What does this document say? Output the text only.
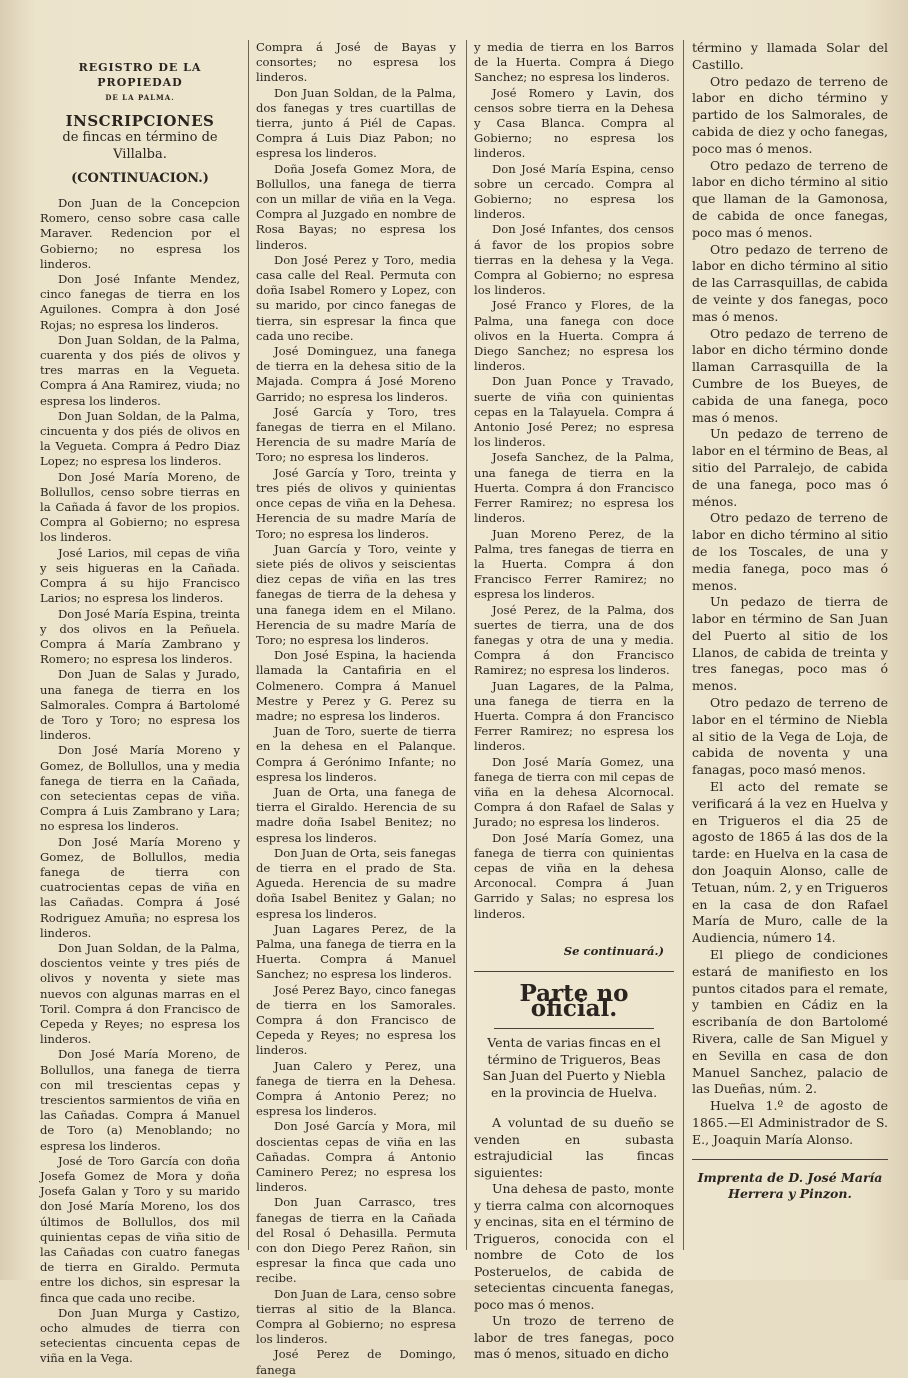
REGISTRO DE LA PROPIEDAD

DE LA PALMA.

INSCRIPCIONES

de fincas en término de Villalba.

(CONTINUACION.)

Don Juan de la Concepcion Romero, censo sobre casa calle Maraver. Redencion por el Gobierno; no espresa los linderos.

Don José Infante Mendez, cinco fanegas de tierra en los Aguilones. Compra à don José Rojas; no espresa los linderos.

Don Juan Soldan, de la Palma, cuarenta y dos piés de olivos y tres marras en la Vegueta. Compra á Ana Ramirez, viuda; no espresa los linderos.

Don Juan Soldan, de la Palma, cincuenta y dos piés de olivos en la Vegueta. Compra á Pedro Diaz Lopez; no espresa los linderos.

Don José María Moreno, de Bollullos, censo sobre tierras en la Cañada á favor de los propios. Compra al Gobierno; no espresa los linderos.

José Larios, mil cepas de viña y seis higueras en la Cañada. Compra á su hijo Francisco Larios; no espresa los linderos.

Don José María Espina, treinta y dos olivos en la Peñuela. Compra á María Zambrano y Romero; no espresa los linderos.

Don Juan de Salas y Jurado, una fanega de tierra en los Salmorales. Compra á Bartolomé de Toro y Toro; no espresa los linderos.

Don José María Moreno y Gomez, de Bollullos, una y media fanega de tierra en la Cañada, con setecientas cepas de viña. Compra á Luis Zambrano y Lara; no espresa los linderos.

Don José María Moreno y Gomez, de Bollullos, media fanega de tierra con cuatrocientas cepas de viña en las Cañadas. Compra á José Rodriguez Amuña; no espresa los linderos.

Don Juan Soldan, de la Palma, doscientos veinte y tres piés de olivos y noventa y siete mas nuevos con algunas marras en el Toril. Compra á don Francisco de Cepeda y Reyes; no espresa los linderos.

Don José María Moreno, de Bollullos, una fanega de tierra con mil trescientas cepas y trescientos sarmientos de viña en las Cañadas. Compra á Manuel de Toro (a) Menoblando; no espresa los linderos.

José de Toro García con doña Josefa Gomez de Mora y doña Josefa Galan y Toro y su marido don José María Moreno, los dos últimos de Bollullos, dos mil quinientas cepas de viña sitio de las Cañadas con cuatro fanegas de tierra en Giraldo. Permuta entre los dichos, sin espresar la finca que cada uno recibe.

Don Juan Murga y Castizo, ocho almudes de tierra con setecientas cincuenta cepas de viña en la Vega.

Compra á José de Bayas y consortes; no espresa los linderos.

Don Juan Soldan, de la Palma, dos fanegas y tres cuartillas de tierra, junto á Piél de Capas. Compra á Luis Diaz Pabon; no espresa los linderos.

Doña Josefa Gomez Mora, de Bollullos, una fanega de tierra con un millar de viña en la Vega. Compra al Juzgado en nombre de Rosa Bayas; no espresa los linderos.

Don José Perez y Toro, media casa calle del Real. Permuta con doña Isabel Romero y Lopez, con su marido, por cinco fanegas de tierra, sin espresar la finca que cada uno recibe.

José Dominguez, una fanega de tierra en la dehesa sitio de la Majada. Compra á José Moreno Garrido; no espresa los linderos.

José García y Toro, tres fanegas de tierra en el Milano. Herencia de su madre María de Toro; no espresa los linderos.

José García y Toro, treinta y tres piés de olivos y quinientas once cepas de viña en la Dehesa. Herencia de su madre María de Toro; no espresa los linderos.

Juan García y Toro, veinte y siete piés de olivos y seiscientas diez cepas de viña en las tres fanegas de tierra de la dehesa y una fanega idem en el Milano. Herencia de su madre María de Toro; no espresa los linderos.

Don José Espina, la hacienda llamada la Cantafiria en el Colmenero. Compra á Manuel Mestre y Perez y G. Perez su madre; no espresa los linderos.

Juan de Toro, suerte de tierra en la dehesa en el Palanque. Compra á Gerónimo Infante; no espresa los linderos.

Juan de Orta, una fanega de tierra el Giraldo. Herencia de su madre doña Isabel Benitez; no espresa los linderos.

Don Juan de Orta, seis fanegas de tierra en el prado de Sta. Agueda. Herencia de su madre doña Isabel Benitez y Galan; no espresa los linderos.

Juan Lagares Perez, de la Palma, una fanega de tierra en la Huerta. Compra á Manuel Sanchez; no espresa los linderos.

José Perez Bayo, cinco fanegas de tierra en los Samorales. Compra á don Francisco de Cepeda y Reyes; no espresa los linderos.

Juan Calero y Perez, una fanega de tierra en la Dehesa. Compra á Antonio Perez; no espresa los linderos.

Don José García y Mora, mil doscientas cepas de viña en las Cañadas. Compra á Antonio Caminero Perez; no espresa los linderos.

Don Juan Carrasco, tres fanegas de tierra en la Cañada del Rosal ó Dehasilla. Permuta con don Diego Perez Rañon, sin espresar la finca que cada uno recibe.

Don Juan de Lara, censo sobre tierras al sitio de la Blanca. Compra al Gobierno; no espresa los linderos.

José Perez de Domingo, fanega

y media de tierra en los Barros de la Huerta. Compra á Diego Sanchez; no espresa los linderos.

José Romero y Lavin, dos censos sobre tierra en la Dehesa y Casa Blanca. Compra al Gobierno; no espresa los linderos.

Don José María Espina, censo sobre un cercado. Compra al Gobierno; no espresa los linderos.

Don José Infantes, dos censos á favor de los propios sobre tierras en la dehesa y la Vega. Compra al Gobierno; no espresa los linderos.

José Franco y Flores, de la Palma, una fanega con doce olivos en la Huerta. Compra á Diego Sanchez; no espresa los linderos.

Don Juan Ponce y Travado, suerte de viña con quinientas cepas en la Talayuela. Compra á Antonio José Perez; no espresa los linderos.

Josefa Sanchez, de la Palma, una fanega de tierra en la Huerta. Compra á don Francisco Ferrer Ramirez; no espresa los linderos.

Juan Moreno Perez, de la Palma, tres fanegas de tierra en la Huerta. Compra á don Francisco Ferrer Ramirez; no espresa los linderos.

José Perez, de la Palma, dos suertes de tierra, una de dos fanegas y otra de una y media. Compra á don Francisco Ramirez; no espresa los linderos.

Juan Lagares, de la Palma, una fanega de tierra en la Huerta. Compra á don Francisco Ferrer Ramirez; no espresa los linderos.

Don José María Gomez, una fanega de tierra con mil cepas de viña en la dehesa Alcornocal. Compra á don Rafael de Salas y Jurado; no espresa los linderos.

Don José María Gomez, una fanega de tierra con quinientas cepas de viña en la dehesa Arconocal. Compra á Juan Garrido y Salas; no espresa los linderos.

Se continuará.)

Parte no oficial.

Venta de varias fincas en el término de Trigueros, Beas San Juan del Puerto y Niebla en la provincia de Huelva.

A voluntad de su dueño se venden en subasta estrajudicial las fincas siguientes:

Una dehesa de pasto, monte y tierra calma con alcornoques y encinas, sita en el término de Trigueros, conocida con el nombre de Coto de los Posteruelos, de cabida de setecientas cincuenta fanegas, poco mas ó menos.

Un trozo de terreno de labor de tres fanegas, poco mas ó menos, situado en dicho

término y llamada Solar del Castillo.

Otro pedazo de terreno de labor en dicho término y partido de los Salmorales, de cabida de diez y ocho fanegas, poco mas ó menos.

Otro pedazo de terreno de labor en dicho término al sitio que llaman de la Gamonosa, de cabida de once fanegas, poco mas ó menos.

Otro pedazo de terreno de labor en dicho término al sitio de las Carrasquillas, de cabida de veinte y dos fanegas, poco mas ó menos.

Otro pedazo de terreno de labor en dicho término donde llaman Carrasquilla de la Cumbre de los Bueyes, de cabida de una fanega, poco mas ó menos.

Un pedazo de terreno de labor en el término de Beas, al sitio del Parralejo, de cabida de una fanega, poco mas ó ménos.

Otro pedazo de terreno de labor en dicho término al sitio de los Toscales, de una y media fanega, poco mas ó menos.

Un pedazo de tierra de labor en término de San Juan del Puerto al sitio de los Llanos, de cabida de treinta y tres fanegas, poco mas ó menos.

Otro pedazo de terreno de labor en el término de Niebla al sitio de la Vega de Loja, de cabida de noventa y una fanagas, poco masó menos.

El acto del remate se verificará á la vez en Huelva y en Trigueros el dia 25 de agosto de 1865 á las dos de la tarde: en Huelva en la casa de don Joaquin Alonso, calle de Tetuan, núm. 2, y en Trigueros en la casa de don Rafael María de Muro, calle de la Audiencia, número 14.

El pliego de condiciones estará de manifiesto en los puntos citados para el remate, y tambien en Cádiz en la escribanía de don Bartolomé Rivera, calle de San Miguel y en Sevilla en casa de don Manuel Sanchez, palacio de las Dueñas, núm. 2.

Huelva 1.º de agosto de 1865.—El Administrador de S. E., Joaquin María Alonso.

Imprenta de D. José María Herrera y Pinzon.
